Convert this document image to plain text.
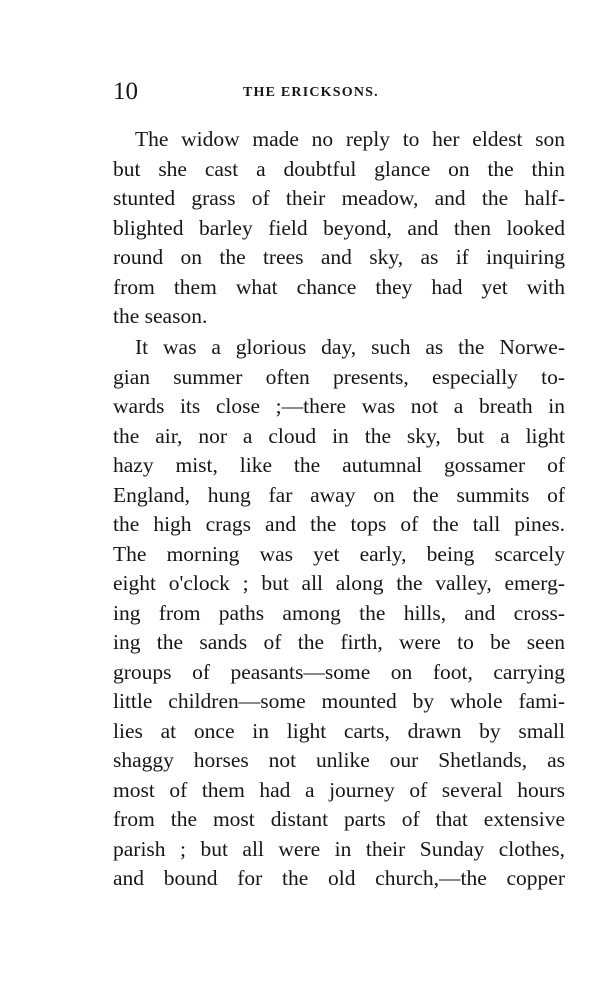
10	THE ERICKSONS.
The widow made no reply to her eldest son
but she cast a doubtful glance on the thin
stunted grass of their meadow, and the half-
blighted barley field beyond, and then looked
round on the trees and sky, as if inquiring
from them what chance they had yet with
the season.
It was a glorious day, such as the Norwe-
gian summer often presents, especially to-
wards its close ;—there was not a breath in
the air, nor a cloud in the sky, but a light
hazy mist, like the autumnal gossamer of
England, hung far away on the summits of
the high crags and the tops of the tall pines.
The morning was yet early, being scarcely
eight o'clock ; but all along the valley, emerg-
ing from paths among the hills, and cross-
ing the sands of the firth, were to be seen
groups of peasants—some on foot, carrying
little children—some mounted by whole fami-
lies at once in light carts, drawn by small
shaggy horses not unlike our Shetlands, as
most of them had a journey of several hours
from the most distant parts of that extensive
parish ; but all were in their Sunday clothes,
and bound for the old church,—the copper
